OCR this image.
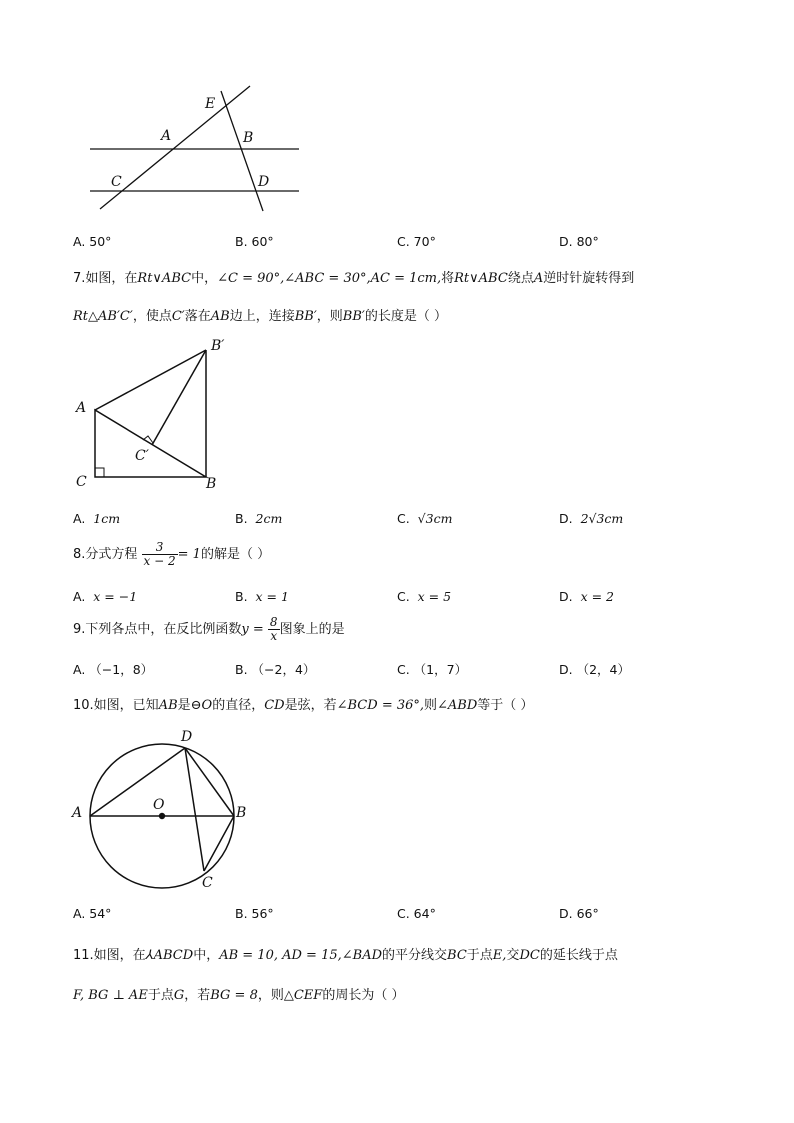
E
A	B
C	D
A. 50°	B. 60°	C. 70°	D. 80°
7.如图，在Rt∨ABC中，∠C = 90°,∠ABC = 30°,AC = 1cm,将Rt∨ABC绕点A逆时针旋转得到
Rt△AB′C′，使点C′落在AB边上，连接BB′，则BB′的长度是（ ）
B′
A
C′
C	B
A. 1cm	B. 2cm	C. √3cm	D. 2√3cm
8.分式方程 $\frac{3}{x - 2} = 1$的解是（ ）
A. x = −1	B. x = 1	C. x = 5	D. x = 2
9.下列各点中，在反比例函数$y = \frac{8}{x}$ 图象上的是
A. （−1，8）	B. （−2，4）	C. （1，7）	D. （2，4）
10.如图，已知AB是⊖O的直径，CD是弦，若∠BCD = 36°,则∠ABD等于（ ）
D
A	O	B
C
A. 54°	B. 56°	C. 64°	D. 66°
11.如图，在⅄ABCD中，AB = 10, AD = 15,∠BAD的平分线交BC于点E,交DC的延长线于点
F, BG ⊥ AE于点G，若BG = 8，则△CEF的周长为（ ）
